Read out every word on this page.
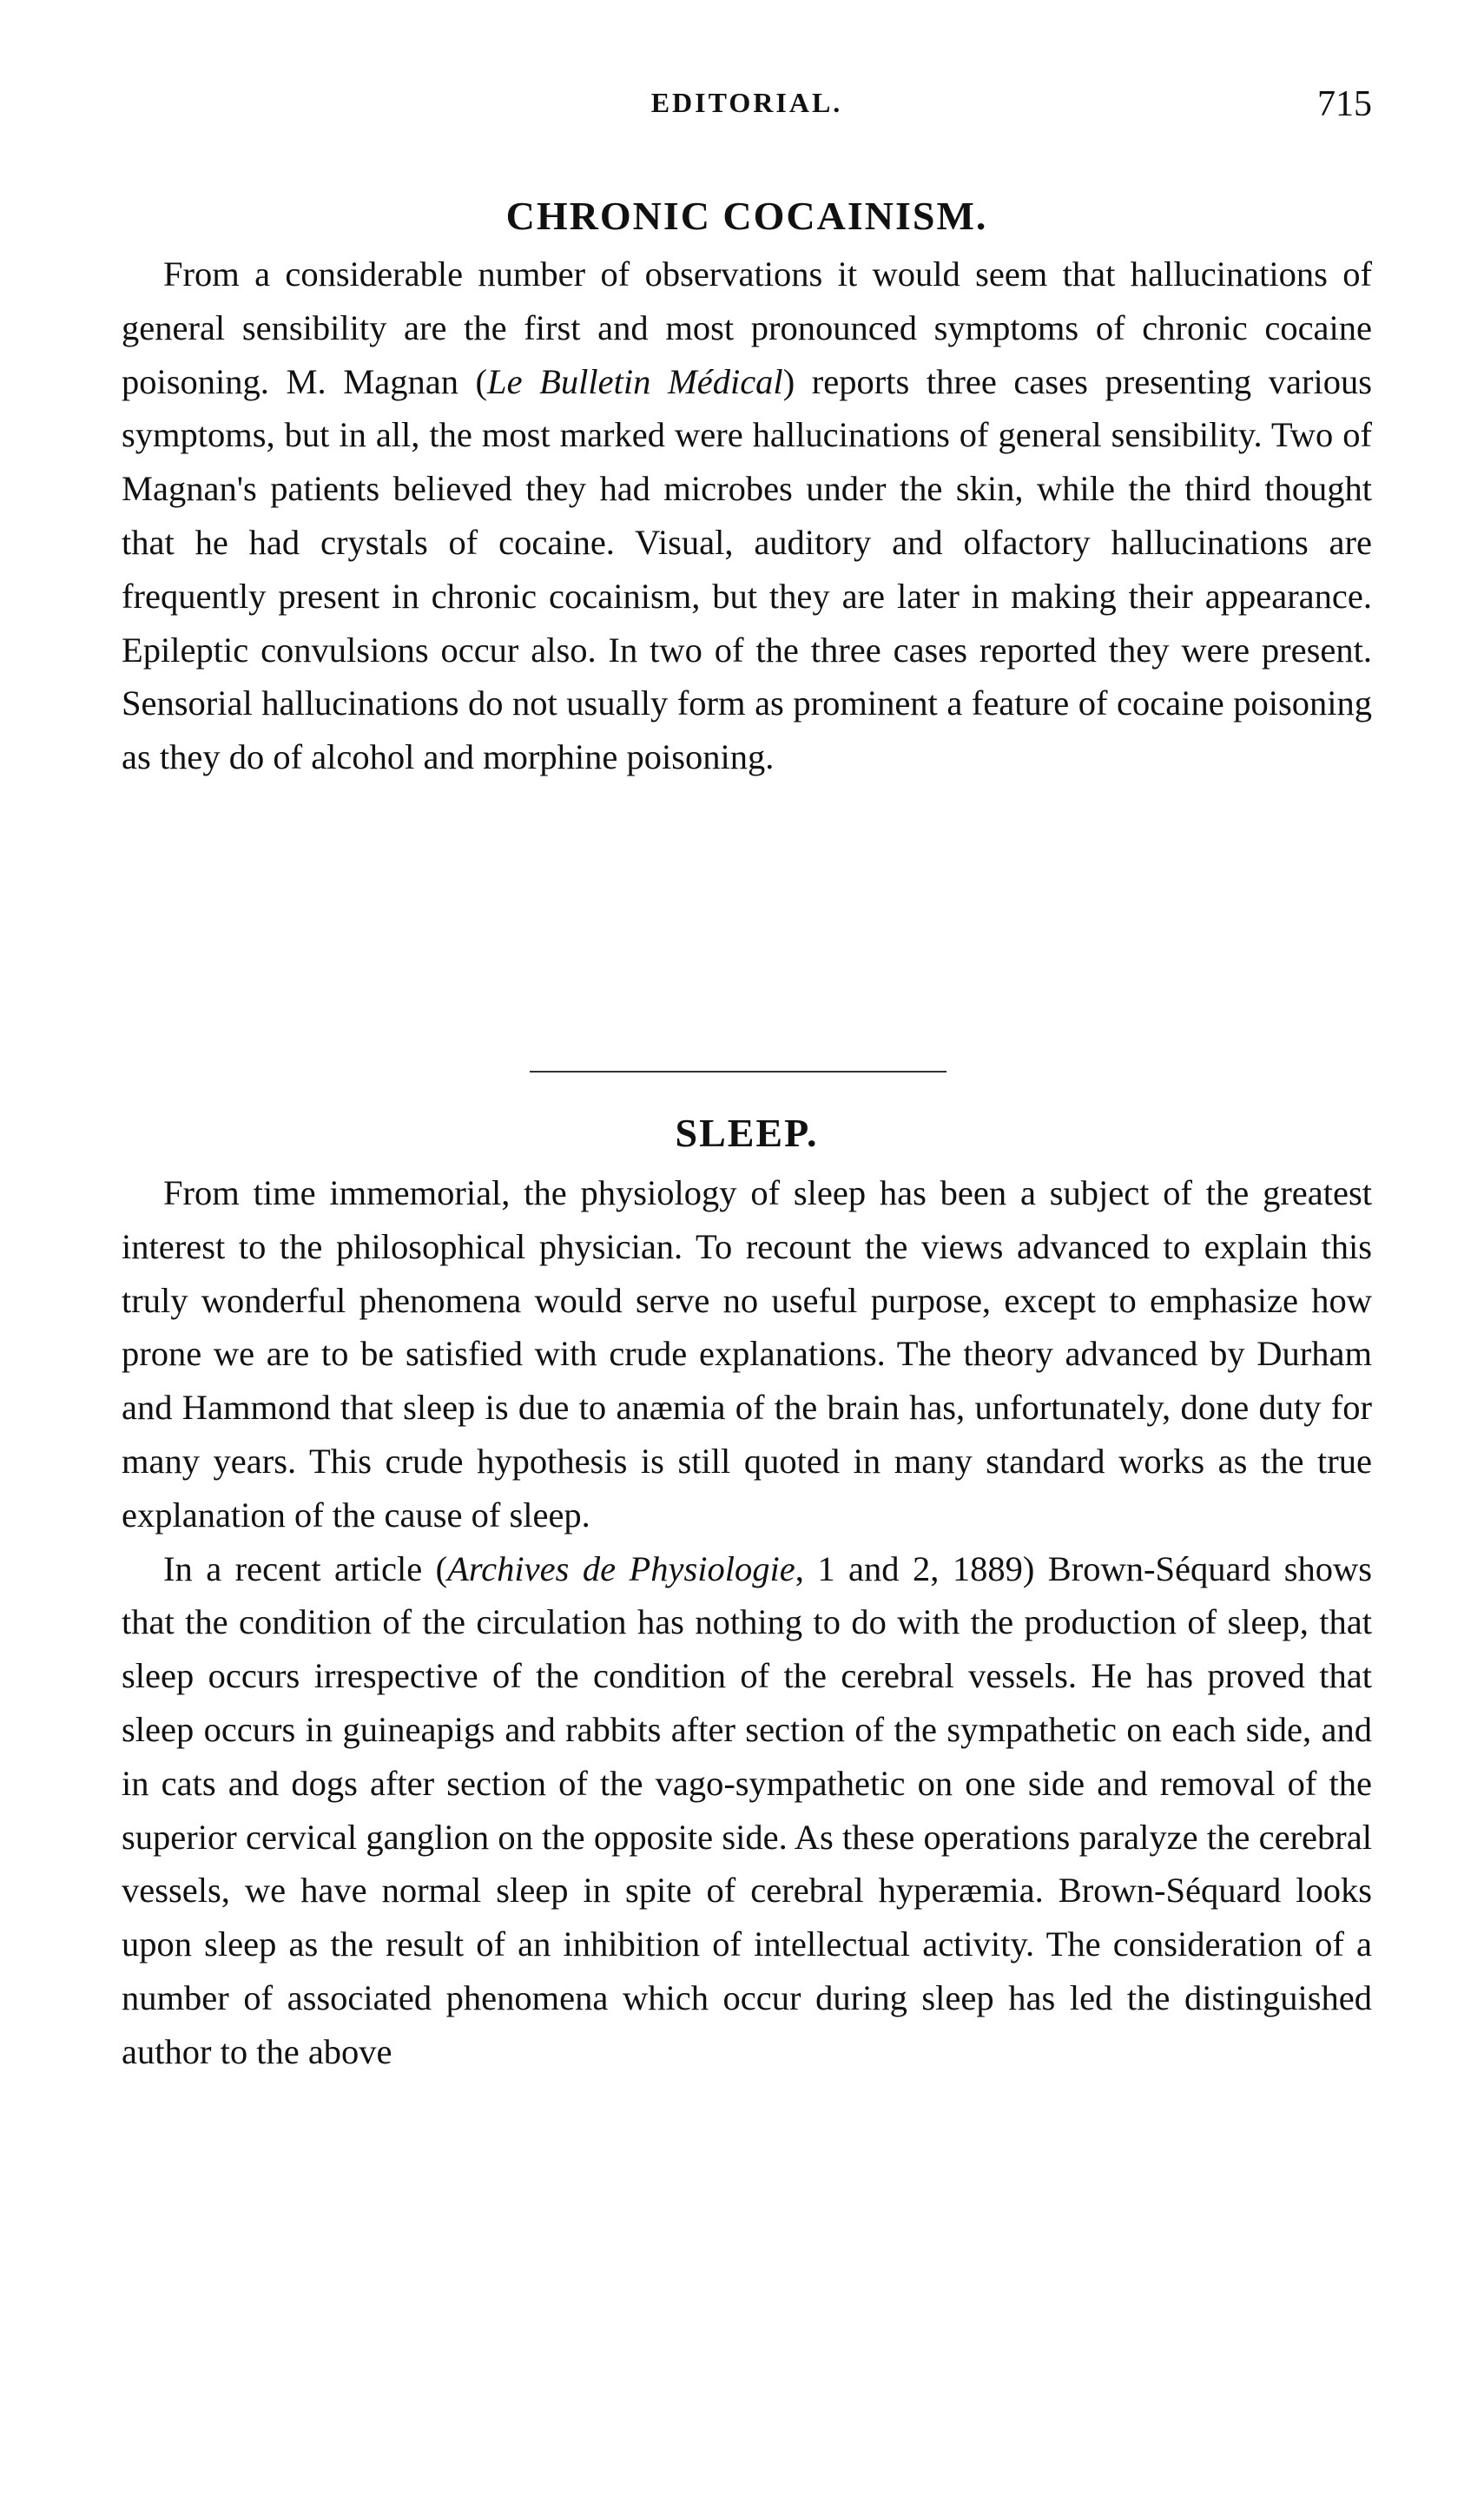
EDITORIAL.	715
CHRONIC COCAINISM.

From a considerable number of observations it would seem that hallucinations of general sensibility are the first and most pronounced symptoms of chronic cocaine poisoning. M. Magnan (Le Bulletin Médical) reports three cases presenting various symptoms, but in all, the most marked were hallucinations of general sensibility. Two of Magnan's patients believed they had microbes under the skin, while the third thought that he had crystals of cocaine. Visual, auditory and olfactory hallucinations are frequently present in chronic cocainism, but they are later in making their appearance. Epileptic convulsions occur also. In two of the three cases reported they were present. Sensorial hallucinations do not usually form as prominent a feature of cocaine poisoning as they do of alcohol and morphine poisoning.

SLEEP.

From time immemorial, the physiology of sleep has been a subject of the greatest interest to the philosophical physician. To recount the views advanced to explain this truly wonderful phenomena would serve no useful purpose, except to emphasize how prone we are to be satisfied with crude explanations. The theory advanced by Durham and Hammond that sleep is due to anæmia of the brain has, unfortunately, done duty for many years. This crude hypothesis is still quoted in many standard works as the true explanation of the cause of sleep.

In a recent article (Archives de Physiologie, 1 and 2, 1889) Brown-Séquard shows that the condition of the circulation has nothing to do with the production of sleep, that sleep occurs irrespective of the condition of the cerebral vessels. He has proved that sleep occurs in guineapigs and rabbits after section of the sympathetic on each side, and in cats and dogs after section of the vago-sympathetic on one side and removal of the superior cervical ganglion on the opposite side. As these operations paralyze the cerebral vessels, we have normal sleep in spite of cerebral hyperæmia. Brown-Séquard looks upon sleep as the result of an inhibition of intellectual activity. The consideration of a number of associated phenomena which occur during sleep has led the distinguished author to the above
